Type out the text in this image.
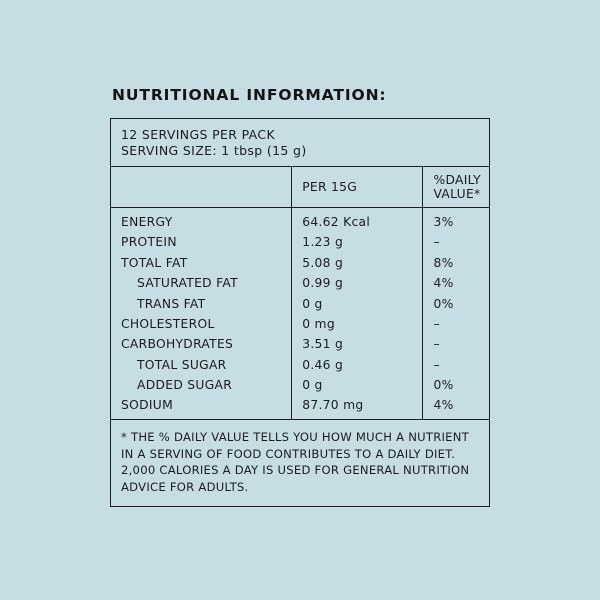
NUTRITIONAL INFORMATION:
12 SERVINGS PER PACK
SERVING SIZE: 1 tbsp (15 g)
	PER 15G	%DAILY VALUE*
ENERGY	64.62 Kcal	3%
PROTEIN	1.23 g	–
TOTAL FAT	5.08 g	8%
SATURATED FAT	0.99 g	4%
TRANS FAT	0 g	0%
CHOLESTEROL	0 mg	–
CARBOHYDRATES	3.51 g	–
TOTAL SUGAR	0.46 g	–
ADDED SUGAR	0 g	0%
SODIUM	87.70 mg	4%

* THE % DAILY VALUE TELLS YOU HOW MUCH A NUTRIENT IN A SERVING OF FOOD CONTRIBUTES TO A DAILY DIET. 2,000 CALORIES A DAY IS USED FOR GENERAL NUTRITION ADVICE FOR ADULTS.
